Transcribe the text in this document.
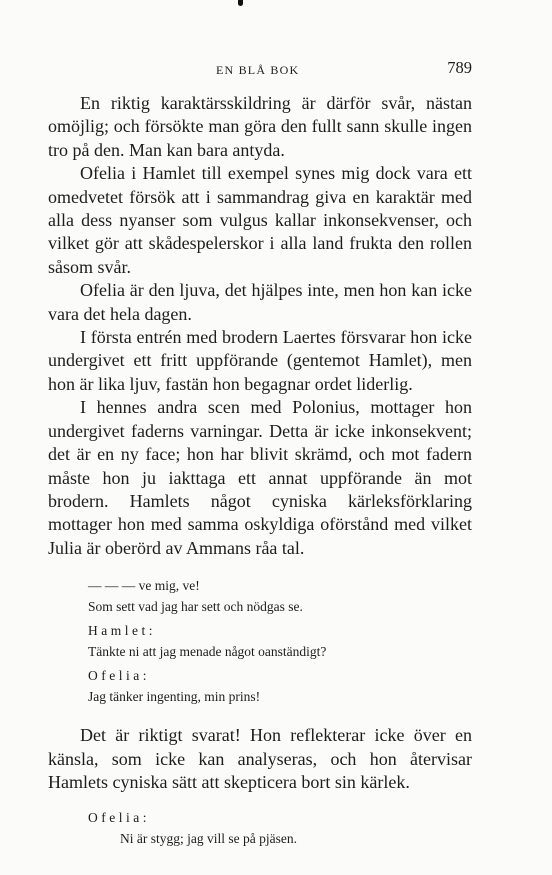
EN BLÅ BOK	789

En riktig karaktärsskildring är därför svår, nästan omöjlig; och försökte man göra den fullt sann skulle ingen tro på den. Man kan bara antyda.

Ofelia i Hamlet till exempel synes mig dock vara ett omedvetet försök att i sammandrag giva en karaktär med alla dess nyanser som vulgus kallar inkonsekvenser, och vilket gör att skådespelerskor i alla land frukta den rollen såsom svår.

Ofelia är den ljuva, det hjälpes inte, men hon kan icke vara det hela dagen.

I första entrén med brodern Laertes försvarar hon icke undergivet ett fritt uppförande (gentemot Hamlet), men hon är lika ljuv, fastän hon begagnar ordet liderlig.

I hennes andra scen med Polonius, mottager hon undergivet faderns varningar. Detta är icke inkonsekvent; det är en ny face; hon har blivit skrämd, och mot fadern måste hon ju iakttaga ett annat uppförande än mot brodern. Hamlets något cyniska kärleksförklaring mottager hon med samma oskyldiga oförstånd med vilket Julia är oberörd av Ammans råa tal.

— — — ve mig, ve!
Som sett vad jag har sett och nödgas se.
Hamlet:
Tänkte ni att jag menade något oanständigt?
Ofelia:
Jag tänker ingenting, min prins!

Det är riktigt svarat! Hon reflekterar icke över en känsla, som icke kan analyseras, och hon återvisar Hamlets cyniska sätt att skepticera bort sin kärlek.

Ofelia:
Ni är stygg; jag vill se på pjäsen.
